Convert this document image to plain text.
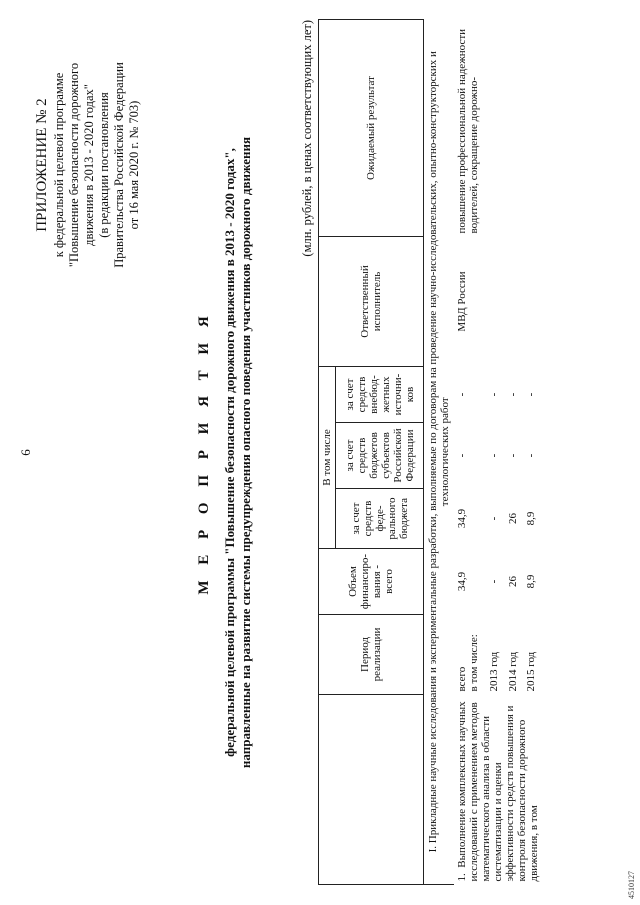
6
ПРИЛОЖЕНИЕ № 2 к федеральной целевой программе "Повышение безопасности дорожного движения в 2013 - 2020 годах" (в редакции постановления Правительства Российской Федерации от 16 мая 2020 г. № 703)
М Е Р О П Р И Я Т И Я федеральной целевой программы "Повышение безопасности дорожного движения в 2013 - 2020 годах", направленные на развитие системы предупреждения опасного поведения участников дорожного движения	(млн. рублей, в ценах соответствующих лет)
	Период реализации	Объем финансиро-вания - всего	В том числе			Ответственный исполнитель	Ожидаемый результат
			за счет средств феде-рального бюджета	за счет средств бюджетов субъектов Российской Федерации	за счет средств внебюд-жетных источни-ков		
I. Прикладные научные исследования и экспериментальные разработки, выполняемые по договорам на проведение научно-исследовательских, опытно-конструкторских и технологических работ							
1.  Выполнение комплексных научных исследований с применением методов математического анализа в области систематизации и оценки эффективности средств повышения и контроля безопасности дорожного движения, в том	всего в том числе:	34,9	34,9	-	-	МВД России	повышение профессиональной надежности водителей, сокращение дорожно-
	2013 год	-	-	-	-		
	2014 год	26	26	-	-		
	2015 год	8,9	8,9	-	-		
4510127
